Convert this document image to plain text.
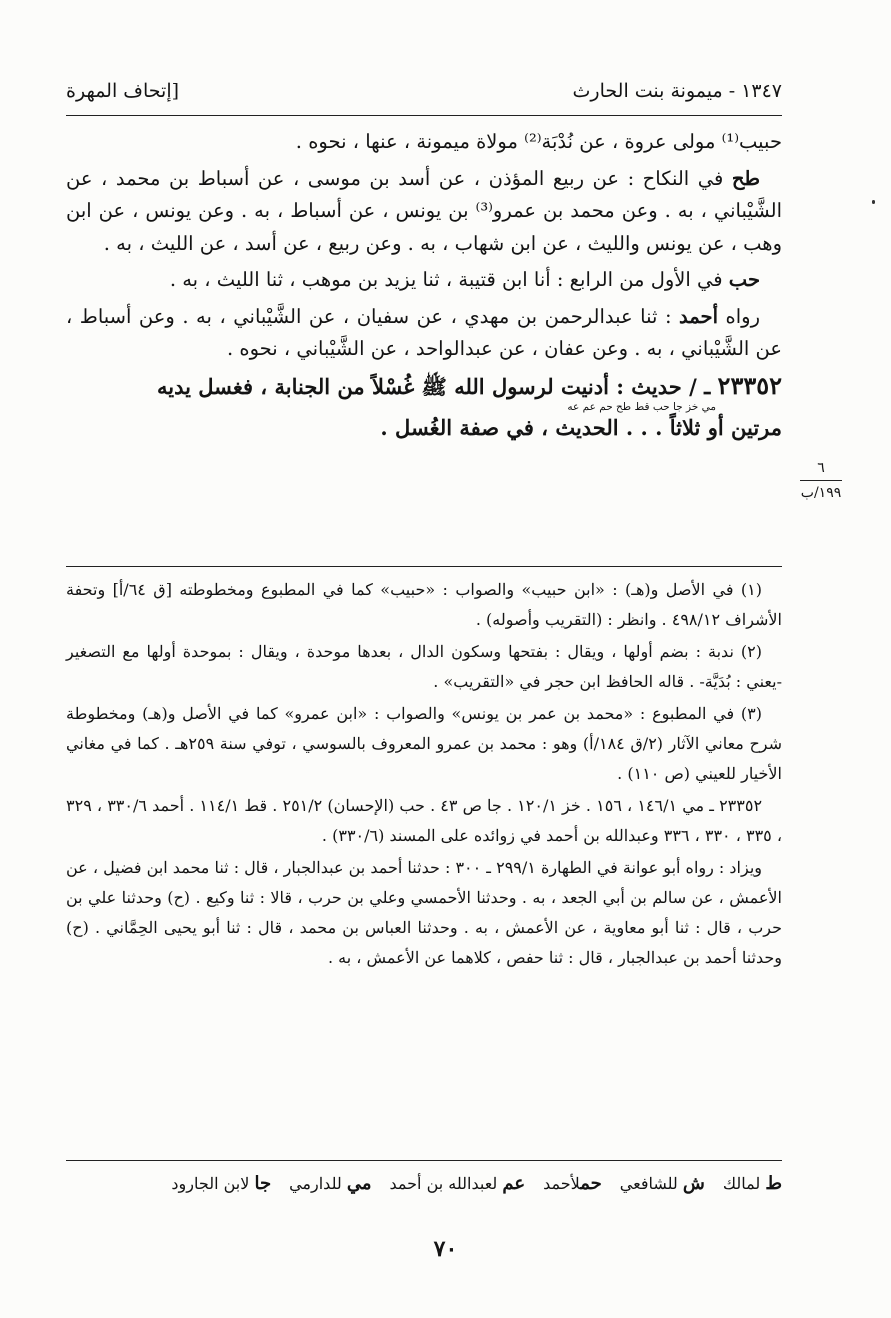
١٣٤٧ - ميمونة بنت الحارث
[إتحاف المهرة
حبيب⁽¹⁾ مولى عروة ، عن نُدْبَة⁽²⁾ مولاة ميمونة ، عنها ، نحوه .
طح في النكاح : عن ربيع المؤذن ، عن أسد بن موسى ، عن أسباط بن محمد ، عن الشَّيْباني ، به . وعن محمد بن عمرو⁽³⁾ بن يونس ، عن أسباط ، به . وعن يونس ، عن ابن وهب ، عن يونس والليث ، عن ابن شهاب ، به . وعن ربيع ، عن أسد ، عن الليث ، به .
حب في الأول من الرابع : أنا ابن قتيبة ، ثنا يزيد بن موهب ، ثنا الليث ، به .
رواه أحمد : ثنا عبدالرحمن بن مهدي ، عن سفيان ، عن الشَّيْباني ، به . وعن أسباط ، عن الشَّيْباني ، به . وعن عفان ، عن عبدالواحد ، عن الشَّيْباني ، نحوه .
٢٣٣٥٢ ـ / حديث : أدنيت لرسول الله ﷺ غُسْلاً من الجنابة ، فغسل يديه
مي خز جا حب قط طح حم عم عه
مرتين أو ثلاثاً . . . الحديث ، في صفة الغُسل .
٦
١٩٩/ب
(١) في الأصل و(هـ) : «ابن حبيب» والصواب : «حبيب» كما في المطبوع ومخطوطته [ق ٦٤/أ] وتحفة الأشراف ٤٩٨/١٢ . وانظر : (التقريب وأصوله) .
(٢) ندبة : بضم أولها ، ويقال : بفتحها وسكون الدال ، بعدها موحدة ، ويقال : بموحدة أولها مع التصغير -يعني : بُدَيَّة- . قاله الحافظ ابن حجر في «التقريب» .
(٣) في المطبوع : «محمد بن عمر بن يونس» والصواب : «ابن عمرو» كما في الأصل و(هـ) ومخطوطة شرح معاني الآثار (٢/ق ١٨٤/أ) وهو : محمد بن عمرو المعروف بالسوسي ، توفي سنة ٢٥٩هـ . كما في مغاني الأخيار للعيني (ص ١١٠) .
٢٣٣٥٢ ـ مي ١٤٦/١ ، ١٥٦ . خز ١٢٠/١ . جا ص ٤٣ . حب (الإحسان) ٢٥١/٢ . قط ١١٤/١ . أحمد ٣٣٠/٦ ، ٣٢٩ ، ٣٣٥ ، ٣٣٠ ، ٣٣٦ وعبدالله بن أحمد في زوائده على المسند (٣٣٠/٦) .
ويزاد : رواه أبو عوانة في الطهارة ٢٩٩/١ ـ ٣٠٠ : حدثنا أحمد بن عبدالجبار ، قال : ثنا محمد ابن فضيل ، عن الأعمش ، عن سالم بن أبي الجعد ، به . وحدثنا الأحمسي وعلي بن حرب ، قالا : ثنا وكيع . (ح) وحدثنا علي بن حرب ، قال : ثنا أبو معاوية ، عن الأعمش ، به . وحدثنا العباس بن محمد ، قال : ثنا أبو يحيى الحِمَّاني . (ح) وحدثنا أحمد بن عبدالجبار ، قال : ثنا حفص ، كلاهما عن الأعمش ، به .
ط لمالك
ش للشافعي
حملأحمد
عم لعبدالله بن أحمد
مي للدارمي
جا لابن الجارود
٧٠
